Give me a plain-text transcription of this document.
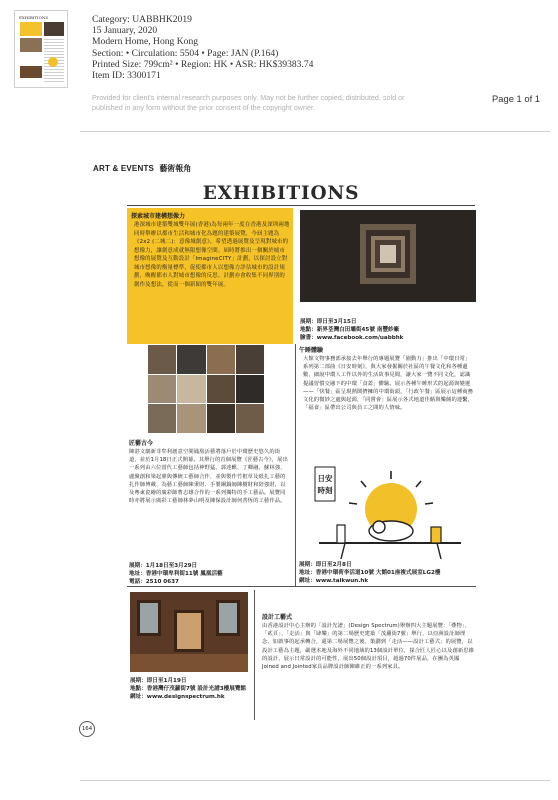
EXHIBITIONS	Category: UABBHK2019
15 January, 2020
Modern Home, Hong Kong
Section: • Circulation: 5504 • Page: JAN (P.164)
Printed Size: 799cm² • Region: HK • ASR: HK$39383.74
Item ID: 3300171
Provided for client's internal research purposes only. May not be further copied, distributed, sold or published in any form without the prior consent of the copyright owner.
Page 1 of 1
ART & EVENTS 藝術報角
EXHIBITIONS
探索城市建構想像力
港深城市建築雙城雙年展(香港)為每兩年一度在香港及深圳兩地同時舉辦以都市生活和城市化為題的建築展覽，今屆主題為《2x2 (二城二)：意像城創意》，希望透過展覽及呈現對城市的想像力，讓創意成就無限想像空間。屆時將推出一個關於城市想像的展覽及互動設計「ImagineCITY」計劃，以探討設立對城市想像的衡量標準，促使都市人以想像力評估城市的設計規劃，喚醒都市人對城市想像的反思。計劃亦會收集不同界別的創作及想法，從而一個新穎的雙年展。
展期：即日至3月15日
地點：新界荃灣白田壩街45號 南豐紗廠
臉書：www.facebook.com/uabbhk
匠藝古今
陳湛文劇新非牟利創意空間鳳凰活藝將落戶於中環歷史悠久的街道，並於1月18日正式開幕。其舉行的首個展覽《匠藝古今》，展出一系列由六位當代工藝師包括神野猛、郭達麒、丁卿融、蘇林強、盧聚創和梁起鼎與傳統工藝師合作，並與製作竹框草及紙扎工藝的扎作師傅戴、為藝工藝師陳秉財、手製鋼鍋師陳樹財和陪強財，以及粵東瓷繪的廣彩師曹志雄合作的一系列獨特的手工藝品。展覽同時亦將展示廣彩工藝師林夢山明及陳保設計師何善恆的工藝作品。
展期：1月18日至3月29日
地址：香港中環卑利街11號 鳳凰活藝
電話：2510 0637
午睡體驗
大館文物事務部承接去年舉行的專題展覽「園動力」推出「中環日常」系列第二部曲《日安時刻》，與大家發掘關於社區的午餐文化和各種邊數，細說中環人工作以外的生活故事見聞，讓大家一覽不同文化，認識提議習慣交融下的中環「食蓋」體驗。展示各種午睡形式的起源與變遷——「快餐」區呈現熱鬧擠擁的中環街頭，「行政午餐」區展示這種商務文化的微妙之處與起源，「同嘗會」區展示各式地道佳餚與樂餚的連繫，「福食」區帶出公司與員工之間的人情味。
日安
時刻
展期：即日至2月8日
地址：香港中環荷李活道10號 大館01座複式展室LG2樓
網址：www.taikwun.hk
展期：即日至1月19日
地點：香港灣仔茂蘿街7號 設計光譜3樓展覽館
網址：www.designspectrum.hk
設計工藝式
由香港設計中心主辦的「設計光譜」(Design Spectrum)舉辦四大主題展覽：「叠物」、「貳頁」、「走活」與「肆樂」的第二場歷史建築「茂蘿街7號」舉行，以亞洲設計師理念，如啟事的起承轉合，還第二場展覽之後，策劃到「走活——設計工藝式」的展覽，以設計工藝為主題，嚴選本地及海外不同地域的13個設計單位，探合匠人匠心以及創新思維的設計，展示日常設計的可能性，展出50個設計項目，超過70件展品，在團為英國Joined and Jointed家具品牌設計師陳維正的一系列家具。
164
